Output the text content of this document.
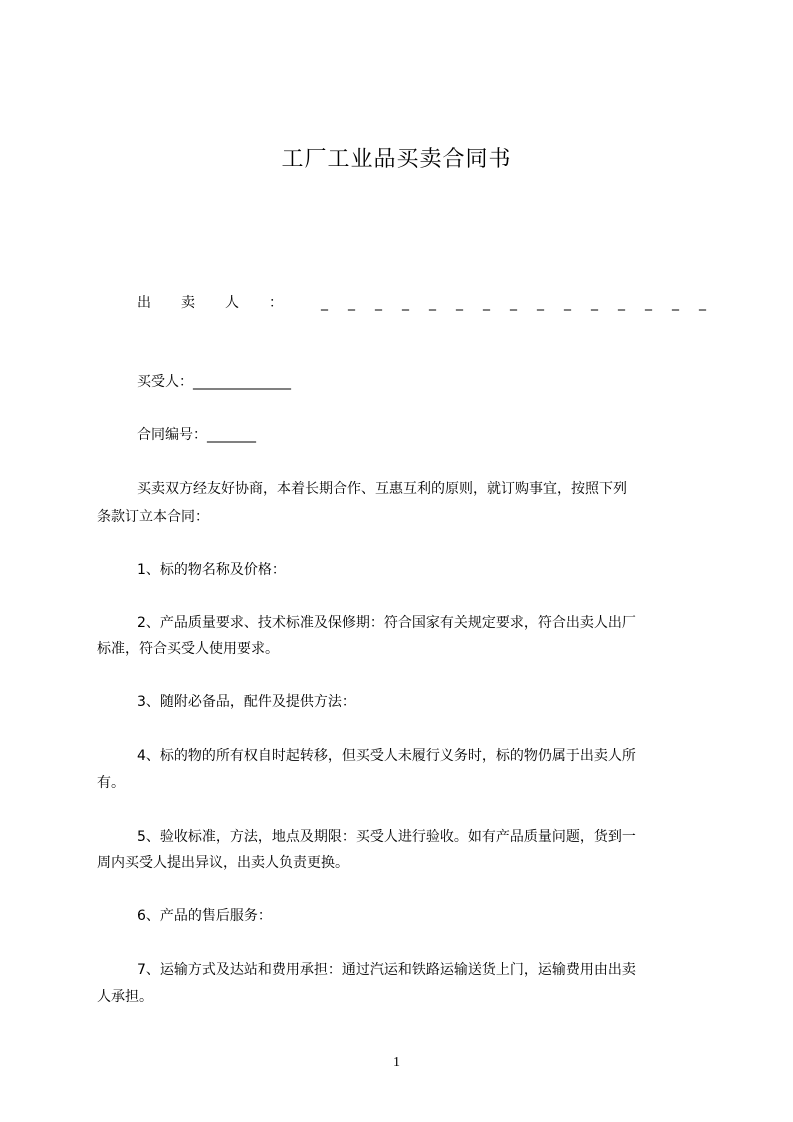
工厂工业品买卖合同书
出卖人： _______________
买受人：______________
合同编号：_______
买卖双方经友好协商，本着长期合作、互惠互利的原则，就订购事宜，按照下列
条款订立本合同：
1、标的物名称及价格：
2、产品质量要求、技术标准及保修期：符合国家有关规定要求，符合出卖人出厂
标准，符合买受人使用要求。
3、随附必备品，配件及提供方法：
4、标的物的所有权自时起转移，但买受人未履行义务时，标的物仍属于出卖人所
有。
5、验收标准，方法，地点及期限：买受人进行验收。如有产品质量问题，货到一
周内买受人提出异议，出卖人负责更换。
6、产品的售后服务：
7、运输方式及达站和费用承担：通过汽运和铁路运输送货上门，运输费用由出卖
人承担。
1
